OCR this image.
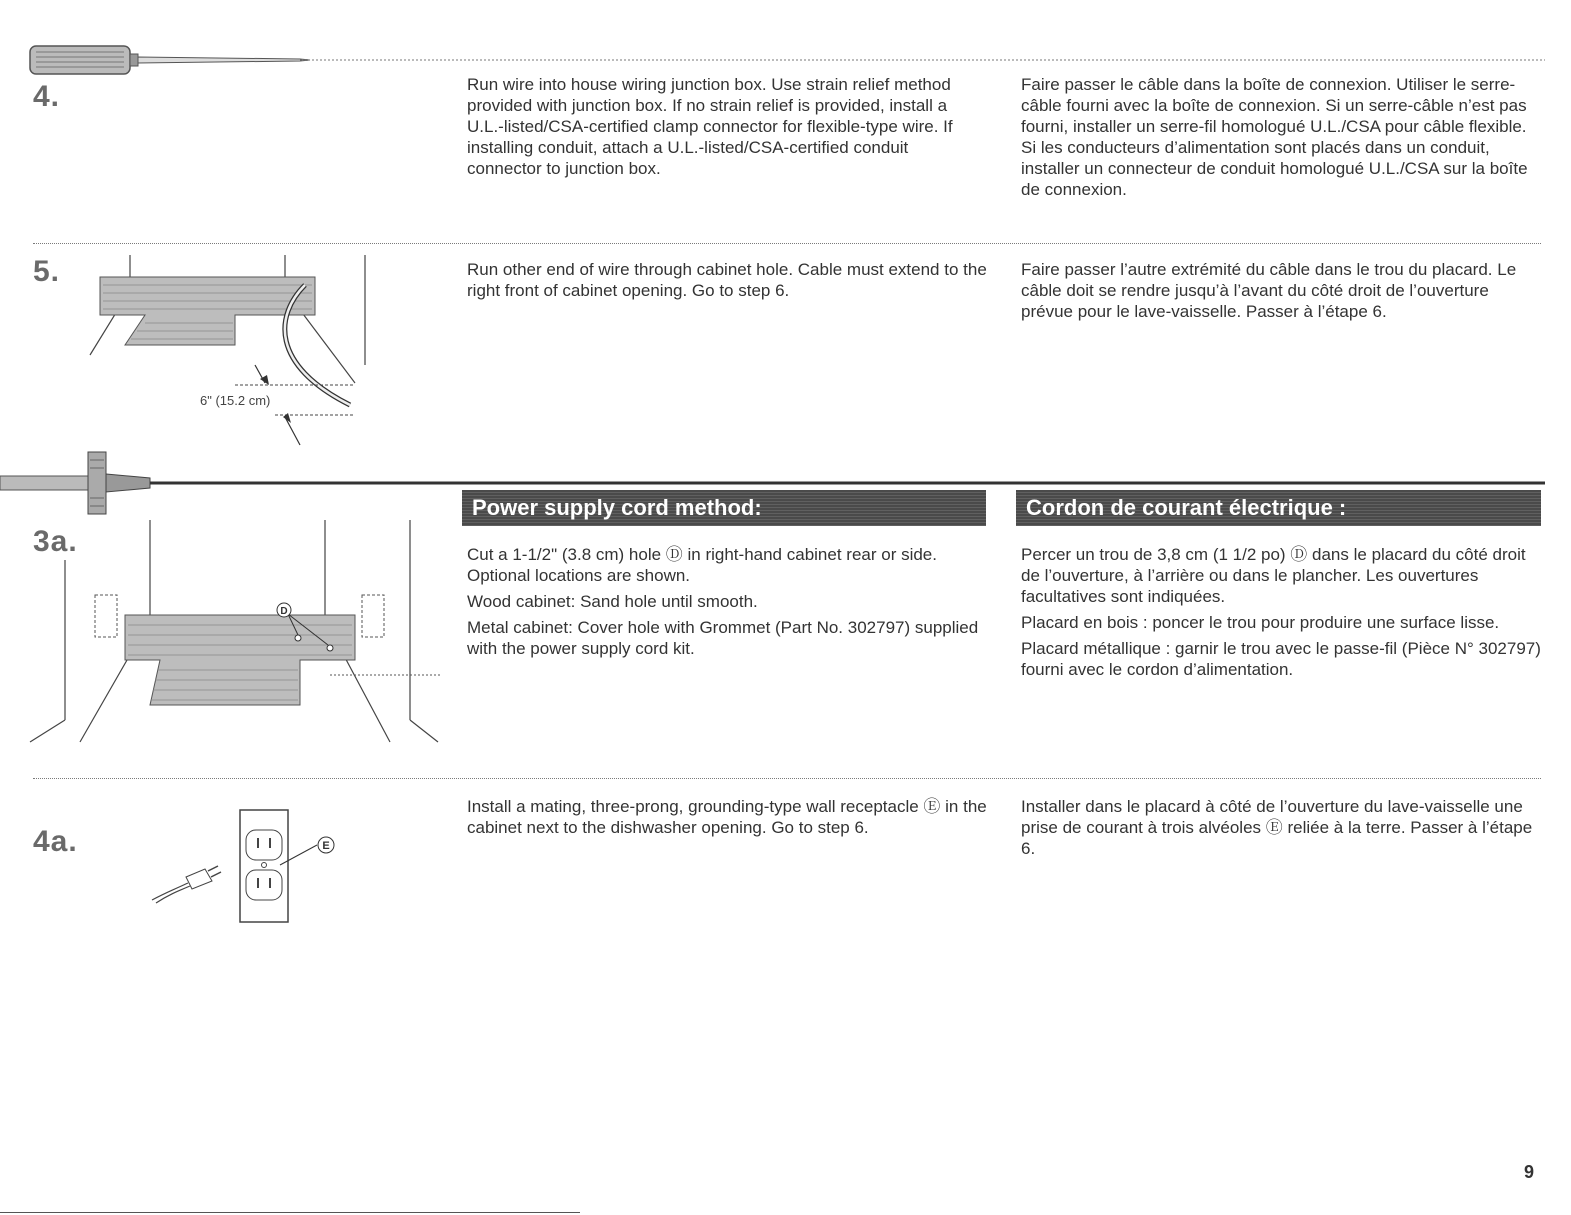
4.	Run wire into house wiring junction box. Use strain relief method provided with junction box. If no strain relief is provided, install a U.L.-listed/CSA-certified clamp connector for flexible-type wire. If installing conduit, attach a U.L.-listed/CSA-certified conduit connector to junction box.

Faire passer le câble dans la boîte de connexion. Utiliser le serre-câble fourni avec la boîte de connexion. Si un serre-câble n’est pas fourni, installer un serre-fil homologué U.L./CSA pour câble flexible. Si les conducteurs d’alimentation sont placés dans un conduit, installer un connecteur de conduit homologué U.L./CSA sur la boîte de connexion.

5.
6" (15.2 cm)

Run other end of wire through cabinet hole. Cable must extend to the right front of cabinet opening. Go to step 6.

Faire passer l’autre extrémité du câble dans le trou du placard. Le câble doit se rendre jusqu’à l’avant du côté droit de l’ouverture prévue pour le lave-vaisselle. Passer à l’étape 6.

3a.
Power supply cord method:	Cordon de courant électrique :
D

Cut a 1-1/2" (3.8 cm) hole Ⓓ in right-hand cabinet rear or side. Optional locations are shown.

Wood cabinet: Sand hole until smooth.

Metal cabinet: Cover hole with Grommet (Part No. 302797) supplied with the power supply cord kit.

Percer un trou de 3,8 cm (1 1/2 po) Ⓓ dans le placard du côté droit de l’ouverture, à l’arrière ou dans le plancher. Les ouvertures facultatives sont indiquées.

Placard en bois : poncer le trou pour produire une surface lisse.

Placard métallique : garnir le trou avec le passe-fil (Pièce N° 302797) fourni avec le cordon d’alimentation.

4a.	E

Install a mating, three-prong, grounding-type wall receptacle Ⓔ in the cabinet next to the dishwasher opening. Go to step 6.

Installer dans le placard à côté de l’ouverture du lave-vaisselle une prise de courant à trois alvéoles Ⓔ reliée à la terre. Passer à l’étape 6.

9
